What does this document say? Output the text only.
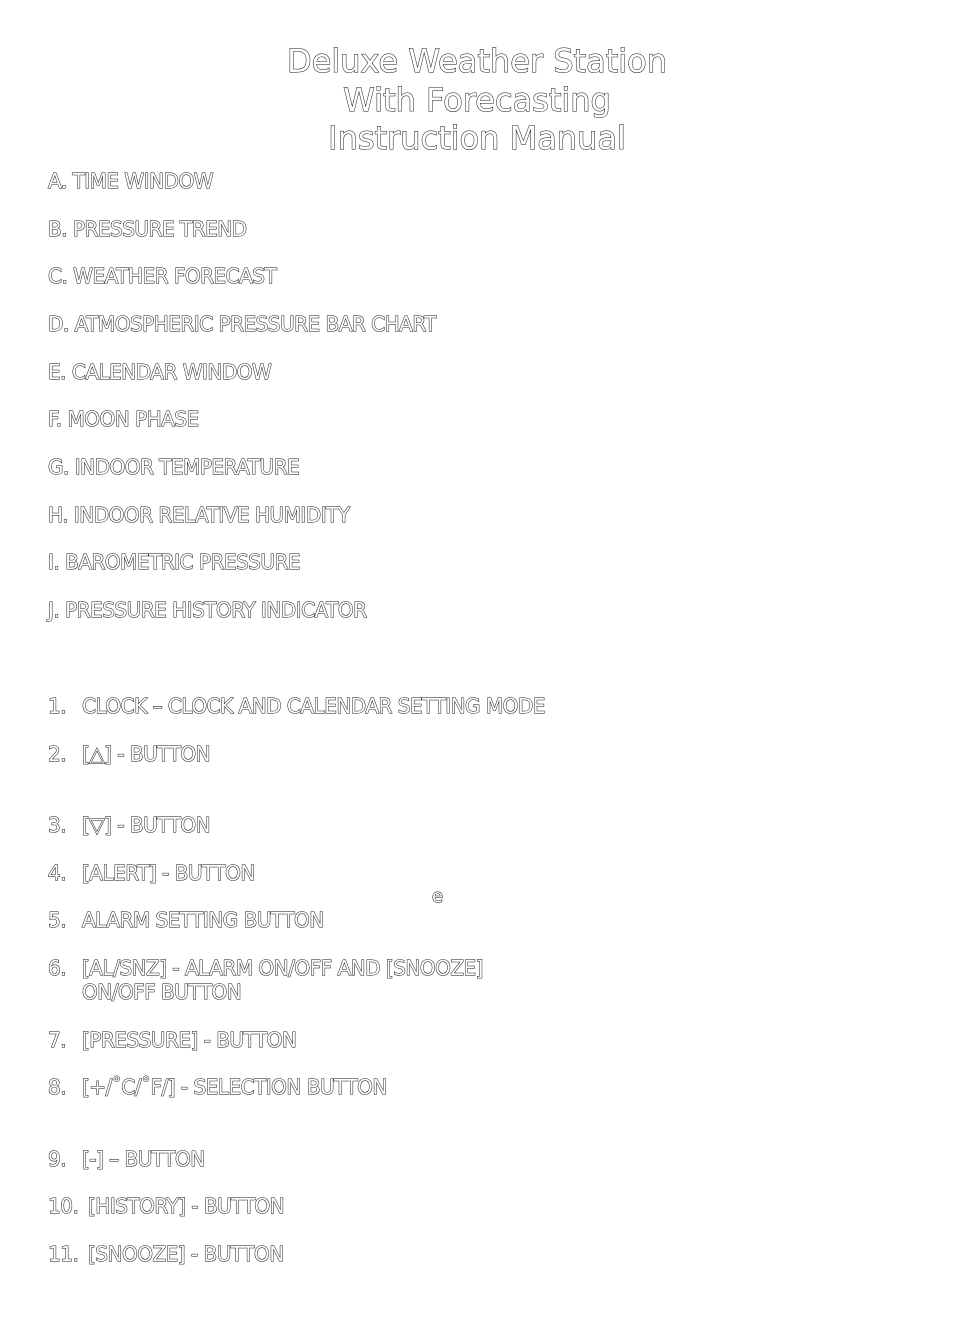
Deluxe Weather Station
With Forecasting
Instruction Manual
A. TIME WINDOW
B. PRESSURE TREND
C. WEATHER FORECAST
D. ATMOSPHERIC PRESSURE BAR CHART
E. CALENDAR WINDOW
F. MOON PHASE
G. INDOOR TEMPERATURE
H. INDOOR RELATIVE HUMIDITY
I. BAROMETRIC PRESSURE
J. PRESSURE HISTORY INDICATOR
1. CLOCK – CLOCK AND CALENDAR SETTING MODE
2. [△] - BUTTON
3. [▽] - BUTTON
4. [ALERT] - BUTTON
e
5. ALARM SETTING BUTTON
6. [AL/SNZ] - ALARM ON/OFF AND [SNOOZE]
ON/OFF BUTTON
7. [PRESSURE] - BUTTON
8. [+/˚C/˚F/] - SELECTION BUTTON
9. [-] – BUTTON
10. [HISTORY] - BUTTON
11. [SNOOZE] - BUTTON
